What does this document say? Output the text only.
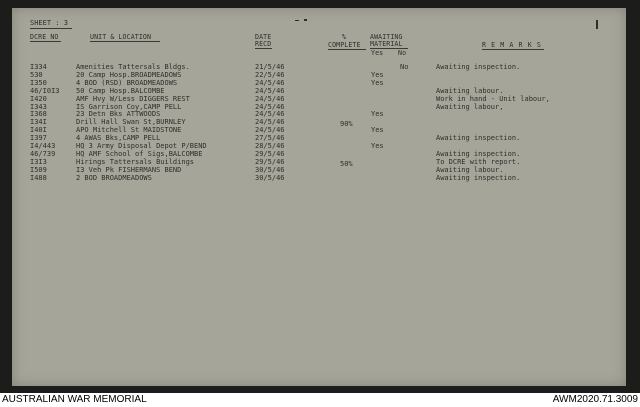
SHEET : 3
DCRE NO	UNIT & LOCATION	DATE
RECD
%
COMPLETE
AWAITING
MATERIAL
Yes No
R E M A R K S
I334	Amenities Tattersals Bldgs.	21/5/46	No	Awaiting inspection.
530	20 Camp Hosp.BROADMEADOWS	22/5/46	Yes
I350	4 BOD (RSD) BROADMEADOWS	24/5/46	Yes
46/I0I3 50 Camp Hosp.BALCOMBE	24/5/46	Awaiting labour.
I420	AMF Hvy W/Less DIGGERS REST	24/5/46	Work in hand - Unit labour,
I343	IS Garrison Coy,CAMP PELL	24/5/46	Awaiting labour,
I368	23 Detn Bks ATTWOODS	24/5/46	Yes
I34I	Drill Hall Swan St,BURNLEY	24/5/46	90%
I40I	APO Mitchell St MAIDSTONE	24/5/46	Yes
I397	4 AWAS Bks,CAMP PELL	27/5/46	Awaiting inspection.
I4/443	HQ 3 Army Disposal Depot P/BEND	28/5/46	Yes
46/739	HQ AMF School of Sigs,BALCOMBE	29/5/46	Awaiting inspection.
I3I3	Hirings Tattersals Buildings	29/5/46	50%	To DCRE with report.
I509	I3 Veh Pk FISHERMANS BEND	30/5/46	Awaiting labour.
I488	2 BOD BROADMEADOWS	30/5/46	Awaiting inspection.
AUSTRALIAN WAR MEMORIAL	AWM2020.71.3009
